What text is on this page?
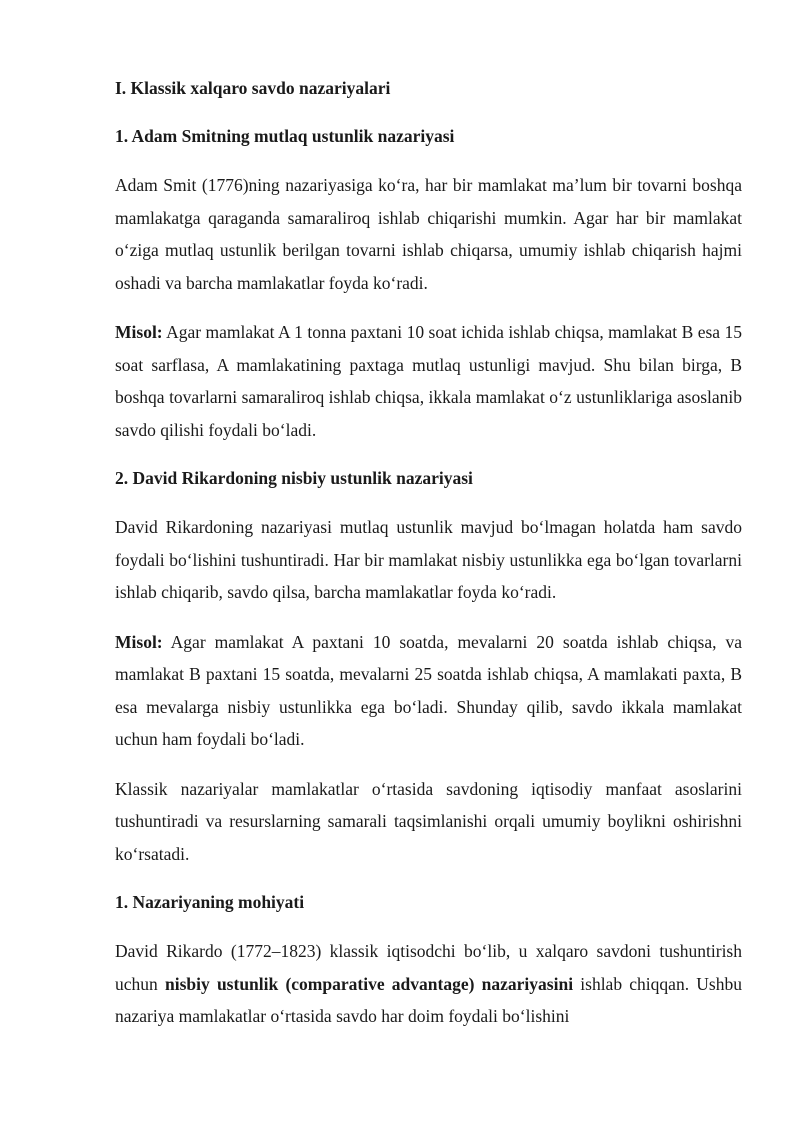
I. Klassik xalqaro savdo nazariyalari

1. Adam Smitning mutlaq ustunlik nazariyasi

Adam Smit (1776)ning nazariyasiga ko‘ra, har bir mamlakat ma’lum bir tovarni boshqa mamlakatga qaraganda samaraliroq ishlab chiqarishi mumkin. Agar har bir mamlakat o‘ziga mutlaq ustunlik berilgan tovarni ishlab chiqarsa, umumiy ishlab chiqarish hajmi oshadi va barcha mamlakatlar foyda ko‘radi.

Misol: Agar mamlakat A 1 tonna paxtani 10 soat ichida ishlab chiqsa, mamlakat B esa 15 soat sarflasa, A mamlakatining paxtaga mutlaq ustunligi mavjud. Shu bilan birga, B boshqa tovarlarni samaraliroq ishlab chiqsa, ikkala mamlakat o‘z ustunliklariga asoslanib savdo qilishi foydali bo‘ladi.

2. David Rikardoning nisbiy ustunlik nazariyasi

David Rikardoning nazariyasi mutlaq ustunlik mavjud bo‘lmagan holatda ham savdo foydali bo‘lishini tushuntiradi. Har bir mamlakat nisbiy ustunlikka ega bo‘lgan tovarlarni ishlab chiqarib, savdo qilsa, barcha mamlakatlar foyda ko‘radi.

Misol: Agar mamlakat A paxtani 10 soatda, mevalarni 20 soatda ishlab chiqsa, va mamlakat B paxtani 15 soatda, mevalarni 25 soatda ishlab chiqsa, A mamlakati paxta, B esa mevalarga nisbiy ustunlikka ega bo‘ladi. Shunday qilib, savdo ikkala mamlakat uchun ham foydali bo‘ladi.

Klassik nazariyalar mamlakatlar o‘rtasida savdoning iqtisodiy manfaat asoslarini tushuntiradi va resurslarning samarali taqsimlanishi orqali umumiy boylikni oshirishni ko‘rsatadi.

1. Nazariyaning mohiyati

David Rikardo (1772–1823) klassik iqtisodchi bo‘lib, u xalqaro savdoni tushuntirish uchun nisbiy ustunlik (comparative advantage) nazariyasini ishlab chiqqan. Ushbu nazariya mamlakatlar o‘rtasida savdo har doim foydali bo‘lishini
